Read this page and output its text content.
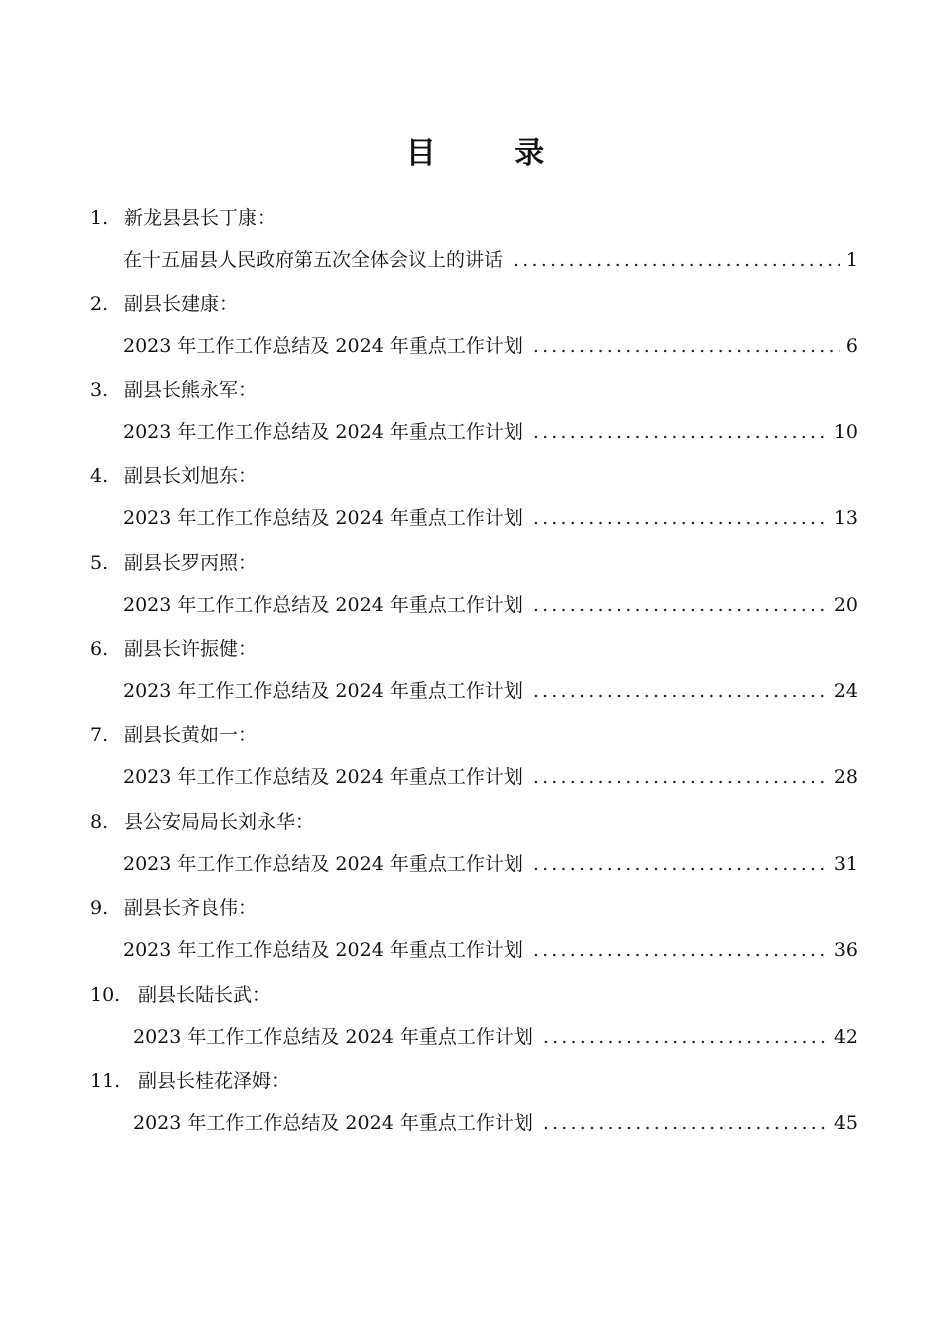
目 录
1. 新龙县县长丁康：
在十五届县人民政府第五次全体会议上的讲话 .....	1
2. 副县长建康：
2023 年工作工作总结及 2024 年重点工作计划 .....	6
3. 副县长熊永军：
2023 年工作工作总结及 2024 年重点工作计划 .....	10
4. 副县长刘旭东：
2023 年工作工作总结及 2024 年重点工作计划 .....	13
5. 副县长罗丙照：
2023 年工作工作总结及 2024 年重点工作计划 .....	20
6. 副县长许振健：
2023 年工作工作总结及 2024 年重点工作计划 .....	24
7. 副县长黄如一：
2023 年工作工作总结及 2024 年重点工作计划 .....	28
8. 县公安局局长刘永华：
2023 年工作工作总结及 2024 年重点工作计划 .....	31
9. 副县长齐良伟：
2023 年工作工作总结及 2024 年重点工作计划 .....	36
10. 副县长陆长武：
2023 年工作工作总结及 2024 年重点工作计划 .....	42
11. 副县长桂花泽姆：
2023 年工作工作总结及 2024 年重点工作计划 .....	45
